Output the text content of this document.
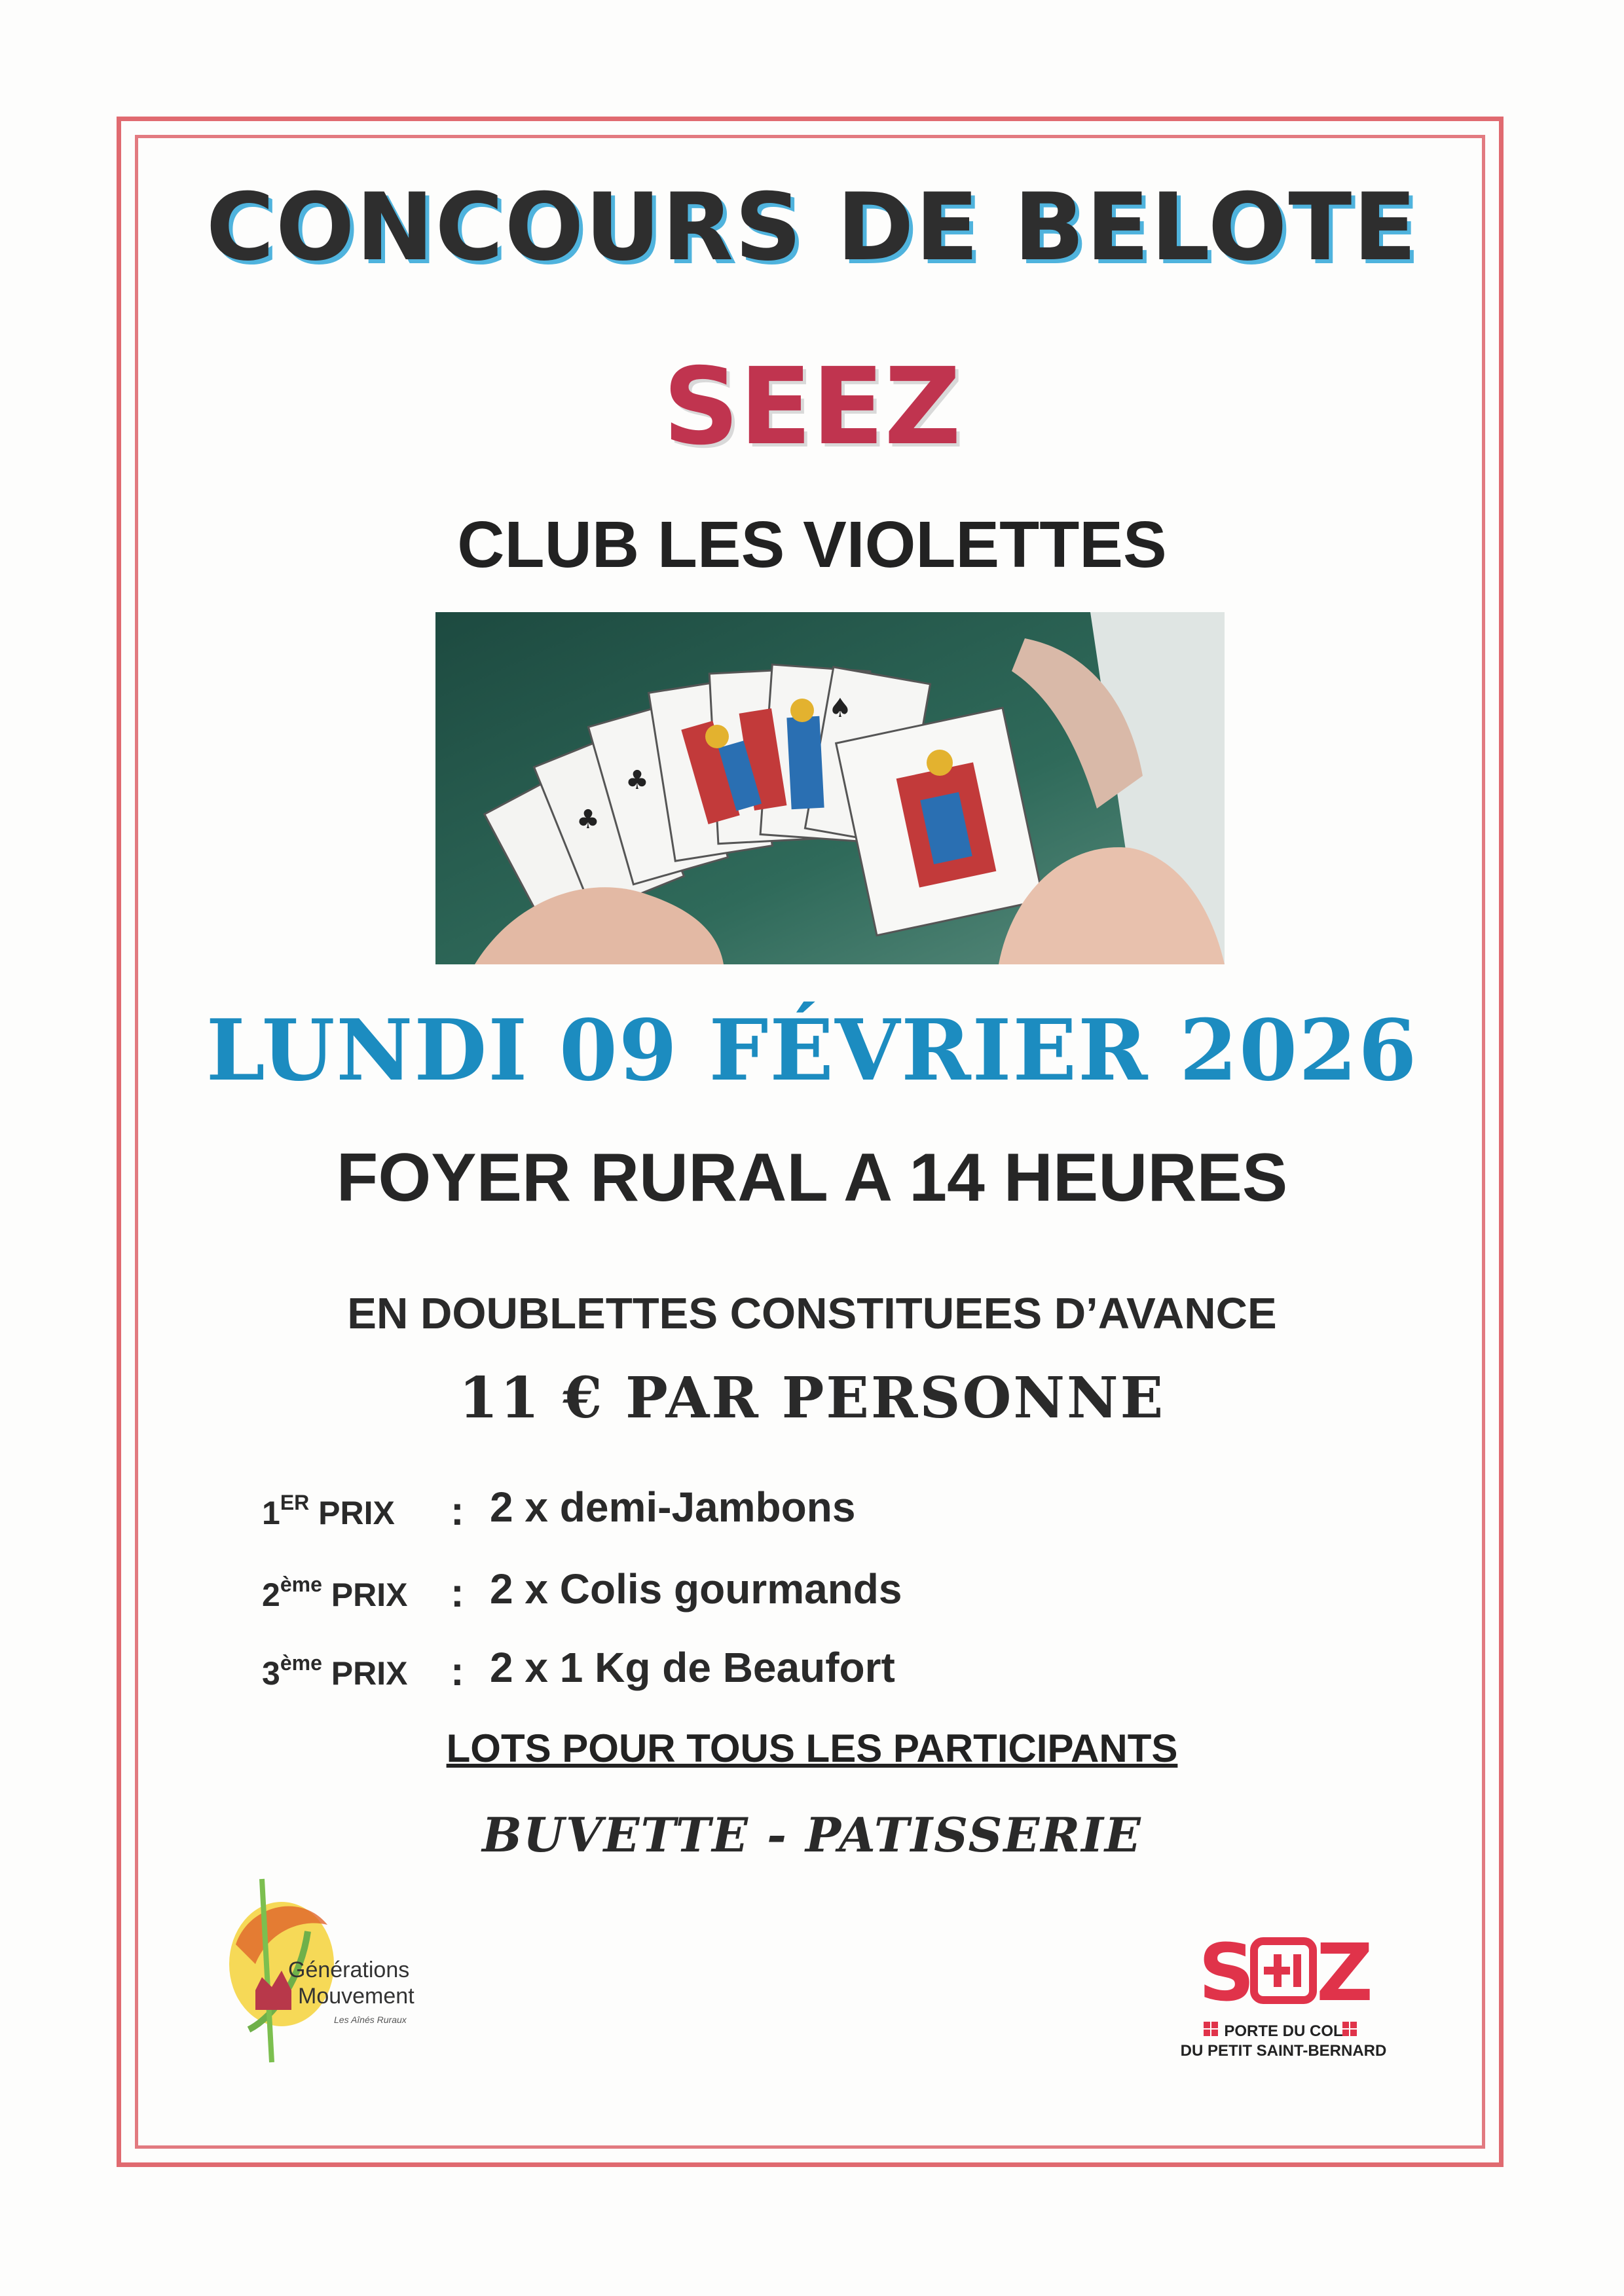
CONCOURS DE BELOTE
SEEZ
CLUB LES VIOLETTES
♣
♣
♠
LUNDI 09 FÉVRIER 2026
FOYER RURAL A 14 HEURES
EN DOUBLETTES CONSTITUEES D’AVANCE
11 € PAR PERSONNE
1ER PRIX : 2 x demi-Jambons
2ème PRIX : 2 x Colis gourmands
3ème PRIX : 2 x 1 Kg de Beaufort
LOTS POUR TOUS LES PARTICIPANTS
BUVETTE - PATISSERIE
Générations
Mouvement
Les Aînés Ruraux
S Z
PORTE DU COL
DU PETIT SAINT-BERNARD
